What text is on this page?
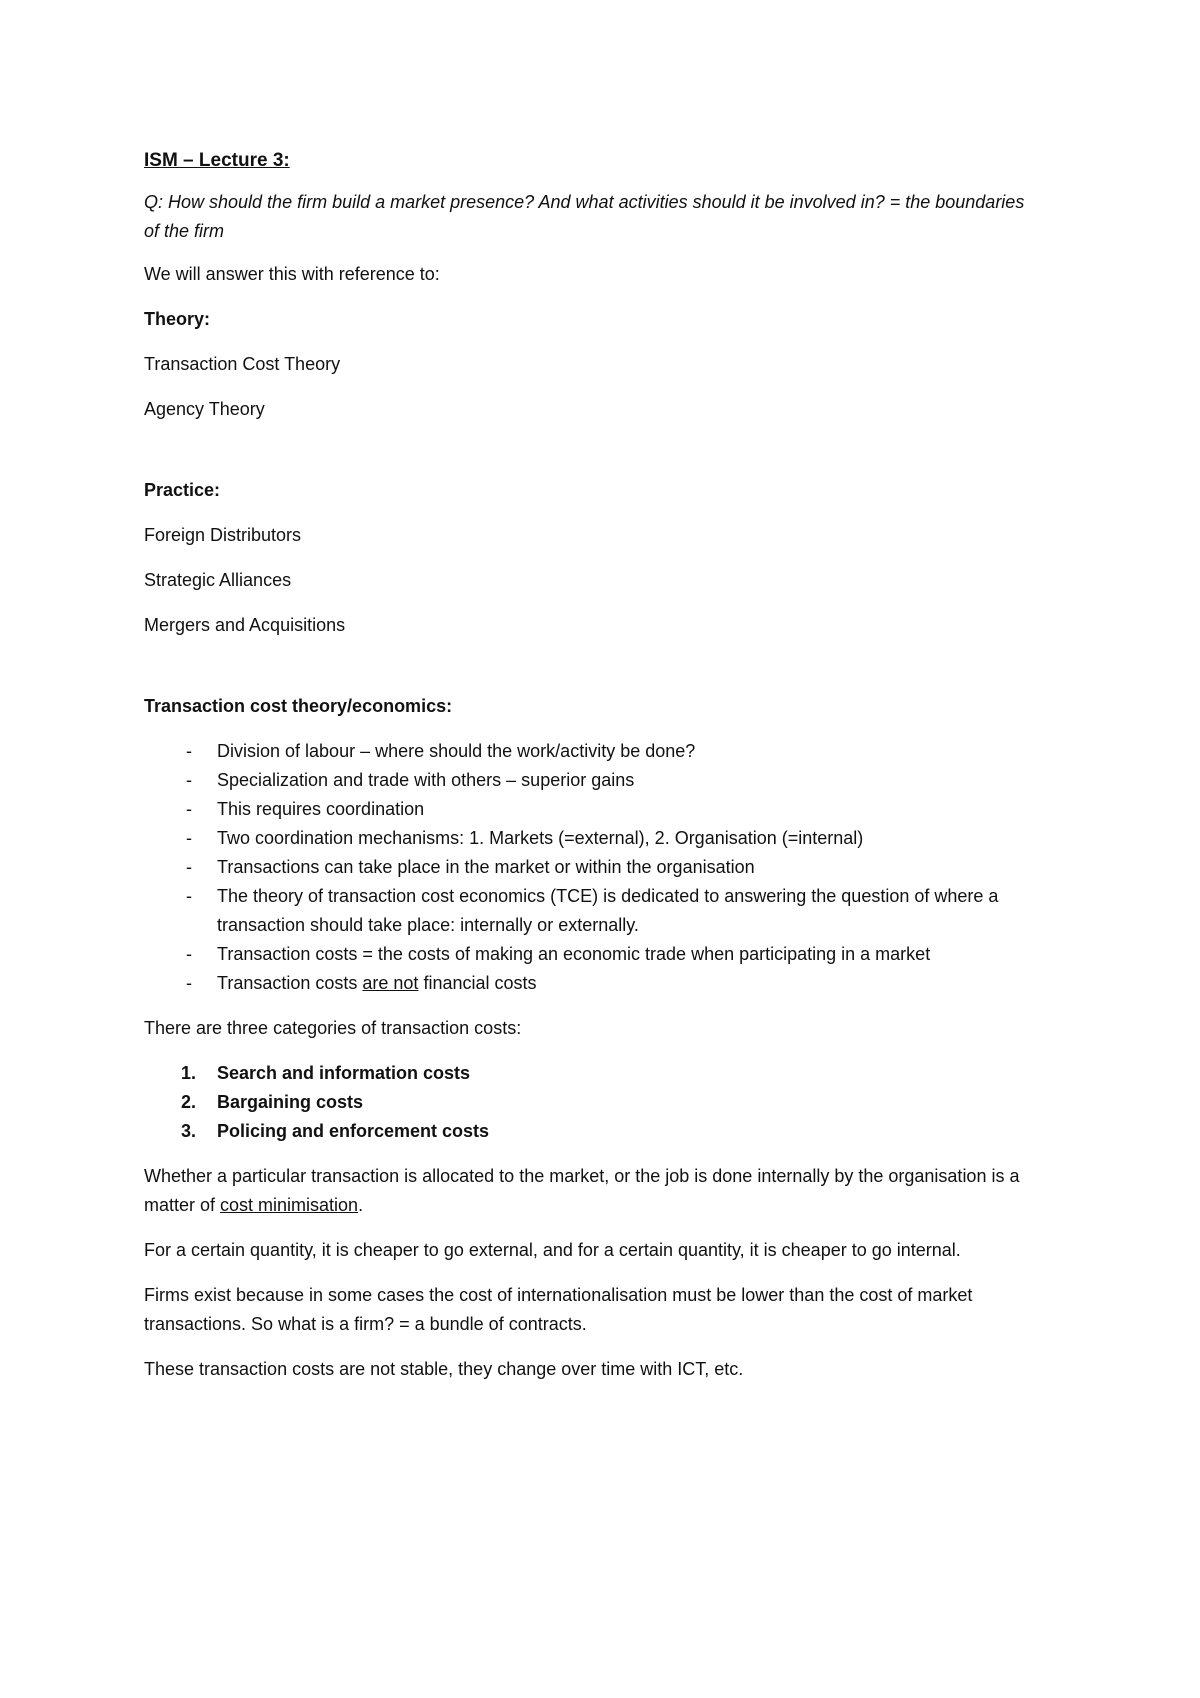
ISM – Lecture 3:

Q: How should the firm build a market presence? And what activities should it be involved in? = the boundaries of the firm

We will answer this with reference to:

Theory:

Transaction Cost Theory

Agency Theory

Practice:

Foreign Distributors

Strategic Alliances

Mergers and Acquisitions

Transaction cost theory/economics:

- Division of labour – where should the work/activity be done?
- Specialization and trade with others – superior gains
- This requires coordination
- Two coordination mechanisms: 1. Markets (=external), 2. Organisation (=internal)
- Transactions can take place in the market or within the organisation
- The theory of transaction cost economics (TCE) is dedicated to answering the question of where a transaction should take place: internally or externally.
- Transaction costs = the costs of making an economic trade when participating in a market
- Transaction costs are not financial costs

There are three categories of transaction costs:

1. Search and information costs
2. Bargaining costs
3. Policing and enforcement costs

Whether a particular transaction is allocated to the market, or the job is done internally by the organisation is a matter of cost minimisation.

For a certain quantity, it is cheaper to go external, and for a certain quantity, it is cheaper to go internal.

Firms exist because in some cases the cost of internationalisation must be lower than the cost of market transactions. So what is a firm? = a bundle of contracts.

These transaction costs are not stable, they change over time with ICT, etc.
